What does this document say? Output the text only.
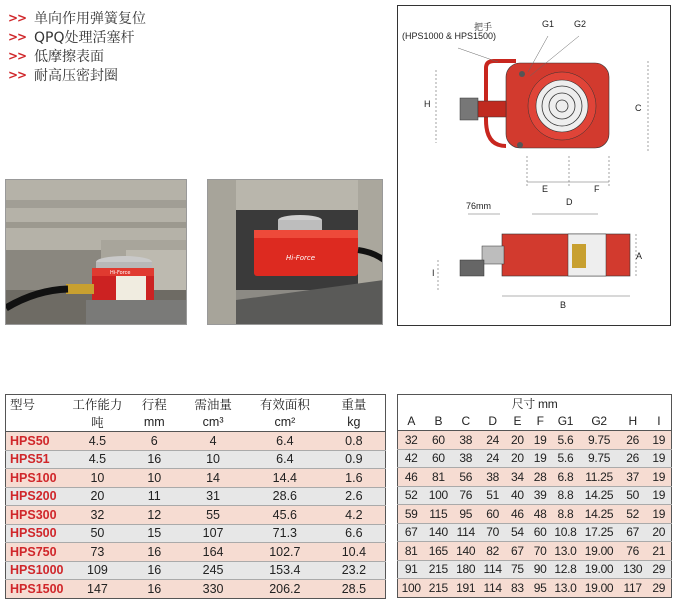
>> 单向作用弹簧复位
>> QPQ处理活塞杆
>> 低摩擦表面
>> 耐高压密封圈
Hi-Force
Hi-Force
把手
(HPS1000 & HPS1500)
G1 G2
H	C
E	F
D
A
B
I
76mm
型号	工作能力	行程	需油量	有效面积	重量
	吨	mm	cm³	cm²	kg
HPS50	4.5	6	4	6.4	0.8
HPS51	4.5	16	10	6.4	0.9
HPS100	10	10	14	14.4	1.6
HPS200	20	11	31	28.6	2.6
HPS300	32	12	55	45.6	4.2
HPS500	50	15	107	71.3	6.6
HPS750	73	16	164	102.7	10.4
HPS1000	109	16	245	153.4	23.2
HPS1500	147	16	330	206.2	28.5
尺寸 mm									
A	B	C	D	E	F	G1	G2	H	I
32	60	38	24	20	19	5.6	9.75	26	19
42	60	38	24	20	19	5.6	9.75	26	19
46	81	56	38	34	28	6.8	11.25	37	19
52	100	76	51	40	39	8.8	14.25	50	19
59	115	95	60	46	48	8.8	14.25	52	19
67	140	114	70	54	60	10.8	17.25	67	20
81	165	140	82	67	70	13.0	19.00	76	21
91	215	180	114	75	90	12.8	19.00	130	29
100	215	191	114	83	95	13.0	19.00	117	29
